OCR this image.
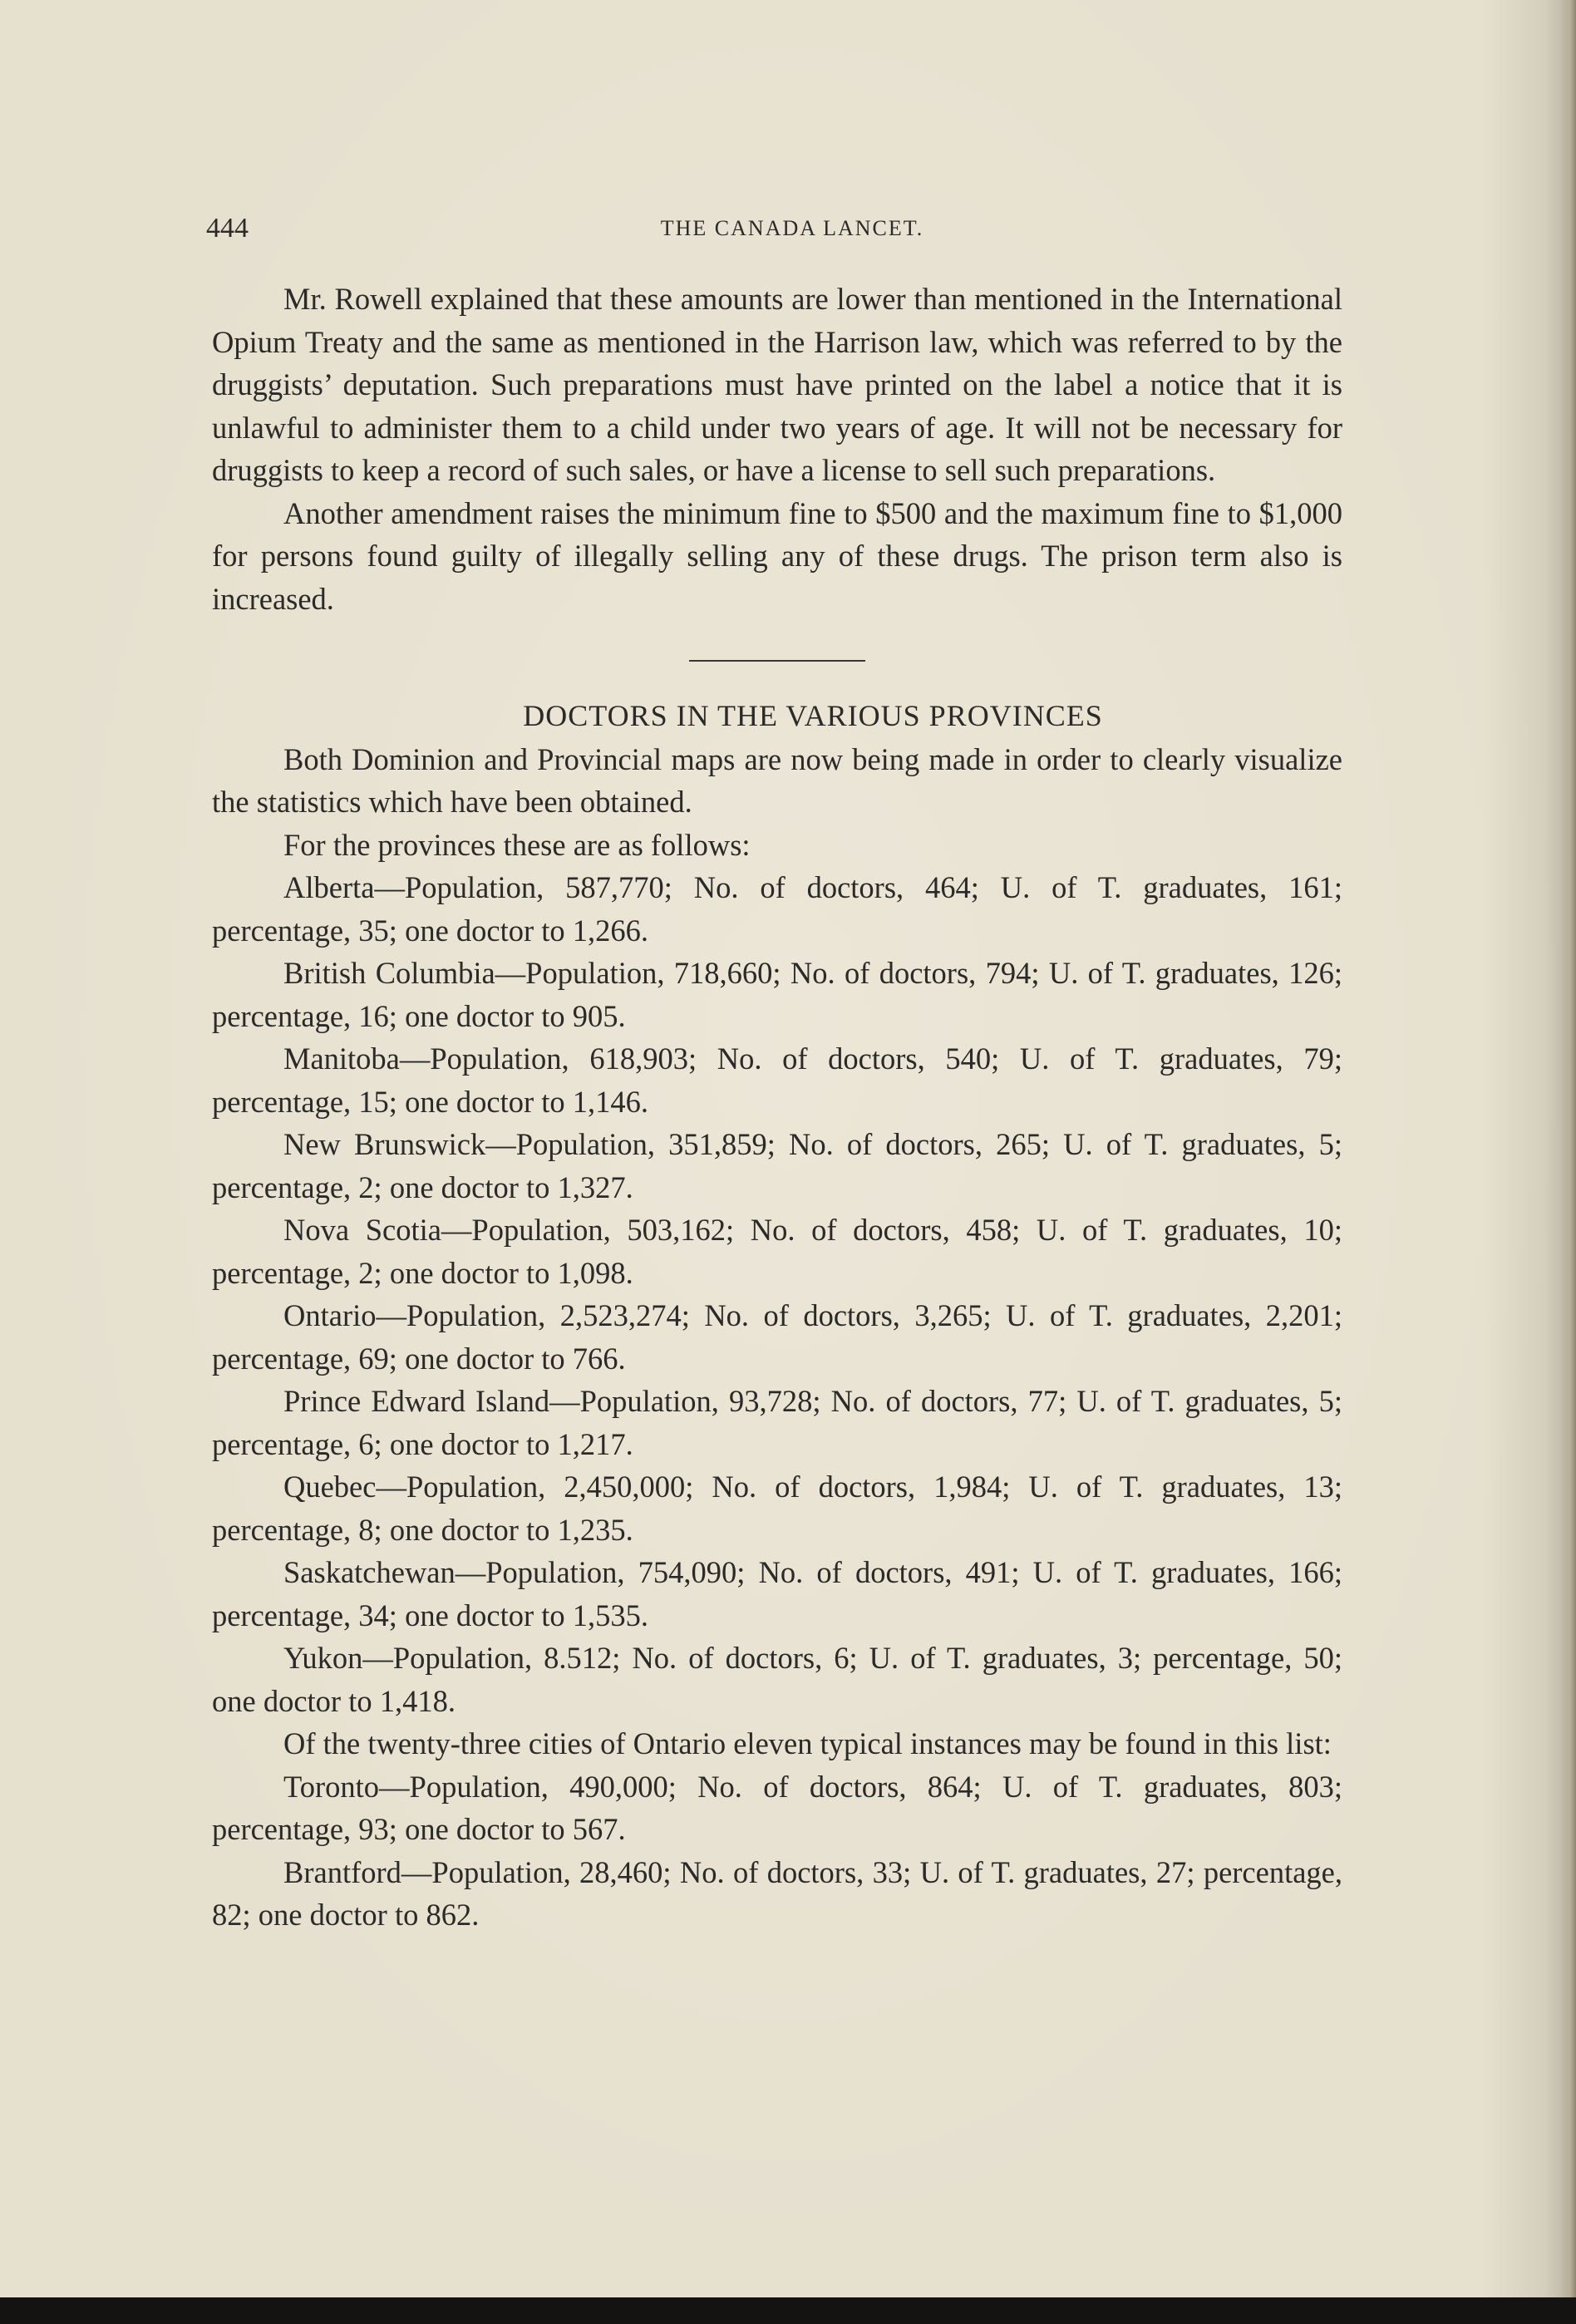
444	THE CANADA LANCET.

Mr. Rowell explained that these amounts are lower than mentioned in the International Opium Treaty and the same as mentioned in the Harrison law, which was referred to by the druggists’ deputation. Such preparations must have printed on the label a notice that it is unlawful to administer them to a child under two years of age. It will not be necessary for druggists to keep a record of such sales, or have a license to sell such preparations.

Another amendment raises the minimum fine to $500 and the maximum fine to $1,000 for persons found guilty of illegally selling any of these drugs. The prison term also is increased.

DOCTORS IN THE VARIOUS PROVINCES

Both Dominion and Provincial maps are now being made in order to clearly visualize the statistics which have been obtained.

For the provinces these are as follows:

Alberta—Population, 587,770; No. of doctors, 464; U. of T. graduates, 161; percentage, 35; one doctor to 1,266.

British Columbia—Population, 718,660; No. of doctors, 794; U. of T. graduates, 126; percentage, 16; one doctor to 905.

Manitoba—Population, 618,903; No. of doctors, 540; U. of T. graduates, 79; percentage, 15; one doctor to 1,146.

New Brunswick—Population, 351,859; No. of doctors, 265; U. of T. graduates, 5; percentage, 2; one doctor to 1,327.

Nova Scotia—Population, 503,162; No. of doctors, 458; U. of T. graduates, 10; percentage, 2; one doctor to 1,098.

Ontario—Population, 2,523,274; No. of doctors, 3,265; U. of T. graduates, 2,201; percentage, 69; one doctor to 766.

Prince Edward Island—Population, 93,728; No. of doctors, 77; U. of T. graduates, 5; percentage, 6; one doctor to 1,217.

Quebec—Population, 2,450,000; No. of doctors, 1,984; U. of T. graduates, 13; percentage, 8; one doctor to 1,235.

Saskatchewan—Population, 754,090; No. of doctors, 491; U. of T. graduates, 166; percentage, 34; one doctor to 1,535.

Yukon—Population, 8.512; No. of doctors, 6; U. of T. graduates, 3; percentage, 50; one doctor to 1,418.

Of the twenty-three cities of Ontario eleven typical instances may be found in this list:

Toronto—Population, 490,000; No. of doctors, 864; U. of T. graduates, 803; percentage, 93; one doctor to 567.

Brantford—Population, 28,460; No. of doctors, 33; U. of T. graduates, 27; percentage, 82; one doctor to 862.
